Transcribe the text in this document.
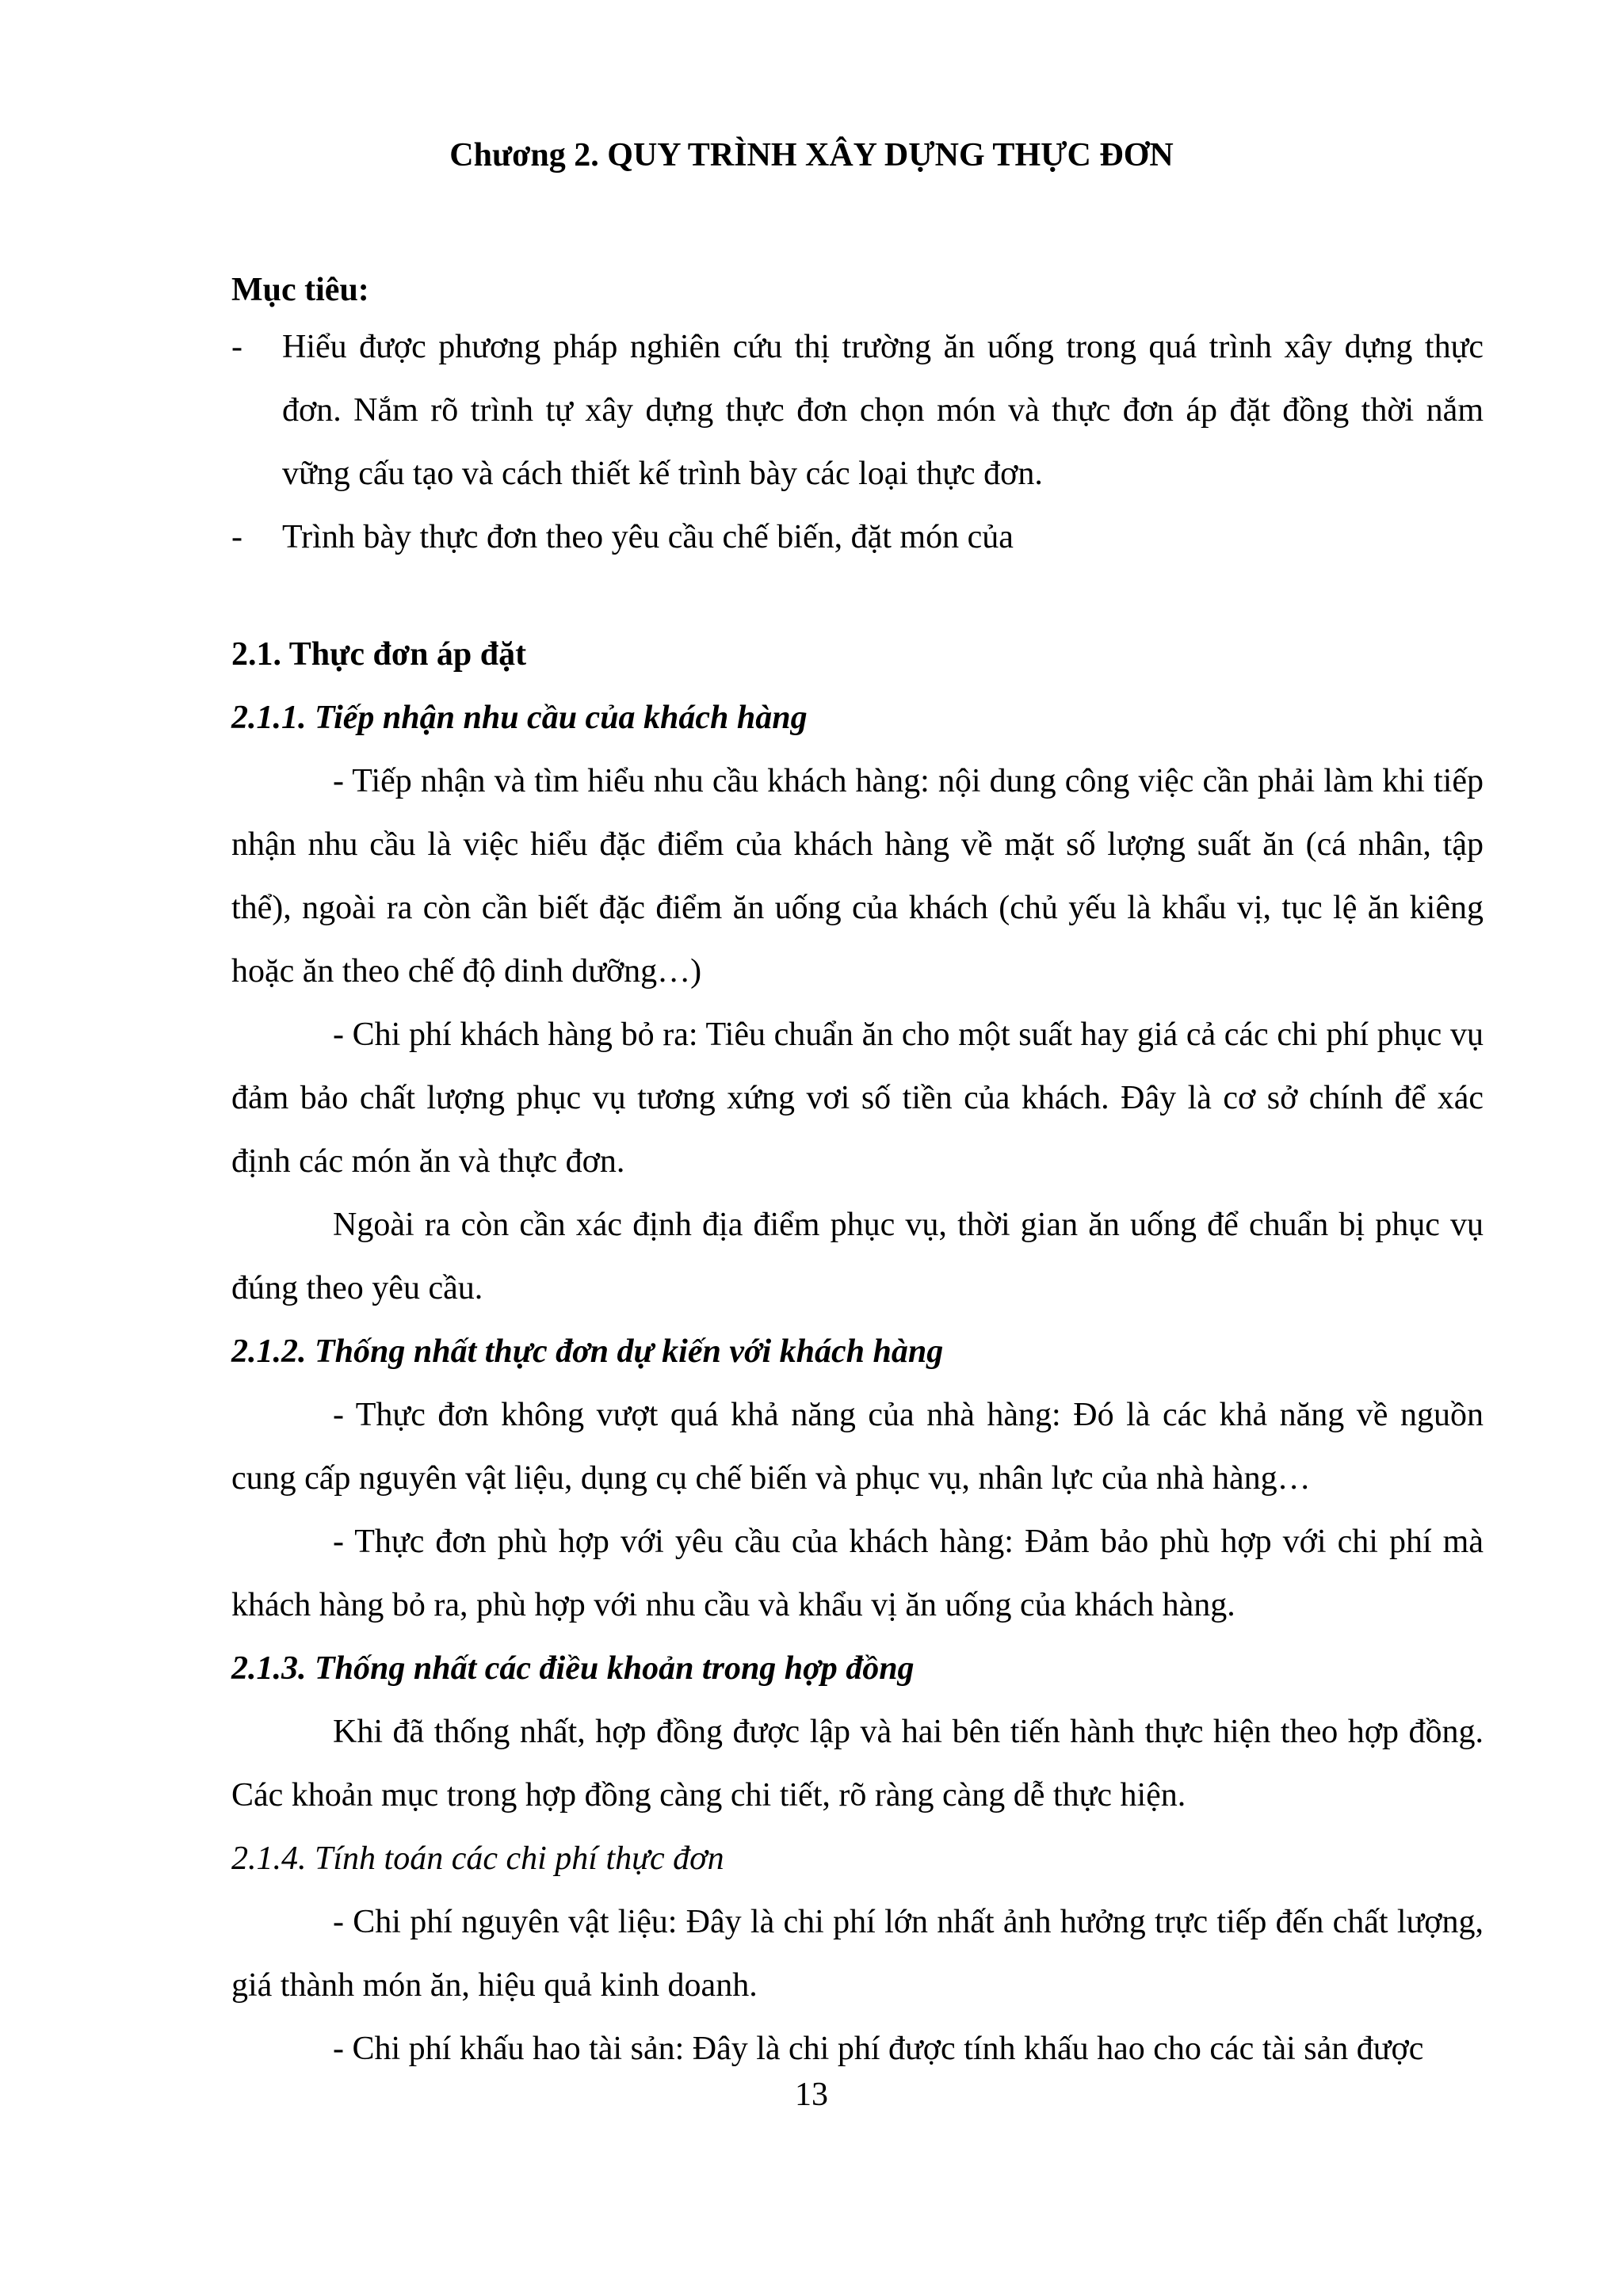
Chương 2. QUY TRÌNH XÂY DỰNG THỰC ĐƠN
Mục tiêu:
-	Hiểu được phương pháp nghiên cứu thị trường ăn uống trong quá trình xây dựng thực đơn. Nắm rõ trình tự xây dựng thực đơn chọn món và thực đơn áp đặt đồng thời nắm vững cấu tạo và cách thiết kế trình bày các loại thực đơn.
-	Trình bày thực đơn theo yêu cầu chế biến, đặt món của
2.1. Thực đơn áp đặt
2.1.1. Tiếp nhận nhu cầu của khách hàng

- Tiếp nhận và tìm hiểu nhu cầu khách hàng: nội dung công việc cần phải làm khi tiếp nhận nhu cầu là việc hiểu đặc điểm của khách hàng về mặt số lượng suất ăn (cá nhân, tập thể), ngoài ra còn cần biết đặc điểm ăn uống của khách (chủ yếu là khẩu vị, tục lệ ăn kiêng hoặc ăn theo chế độ dinh dưỡng…)

- Chi phí khách hàng bỏ ra: Tiêu chuẩn ăn cho một suất hay giá cả các chi phí phục vụ đảm bảo chất lượng phục vụ tương xứng vơi số tiền của khách. Đây là cơ sở chính để xác định các món ăn và thực đơn.

Ngoài ra còn cần xác định địa điểm phục vụ, thời gian ăn uống để chuẩn bị phục vụ đúng theo yêu cầu.

2.1.2. Thống nhất thực đơn dự kiến với khách hàng

- Thực đơn không vượt quá khả năng của nhà hàng: Đó là các khả năng về nguồn cung cấp nguyên vật liệu, dụng cụ chế biến và phục vụ, nhân lực của nhà hàng…

- Thực đơn phù hợp với yêu cầu của khách hàng: Đảm bảo phù hợp với chi phí mà khách hàng bỏ ra, phù hợp với nhu cầu và khẩu vị ăn uống của khách hàng.

2.1.3. Thống nhất các điều khoản trong hợp đồng

Khi đã thống nhất, hợp đồng được lập và hai bên tiến hành thực hiện theo hợp đồng. Các khoản mục trong hợp đồng càng chi tiết, rõ ràng càng dễ thực hiện.

2.1.4. Tính toán các chi phí thực đơn

- Chi phí nguyên vật liệu: Đây là chi phí lớn nhất ảnh hưởng trực tiếp đến chất lượng, giá thành món ăn, hiệu quả kinh doanh.

- Chi phí khấu hao tài sản: Đây là chi phí được tính khấu hao cho các tài sản được

13
